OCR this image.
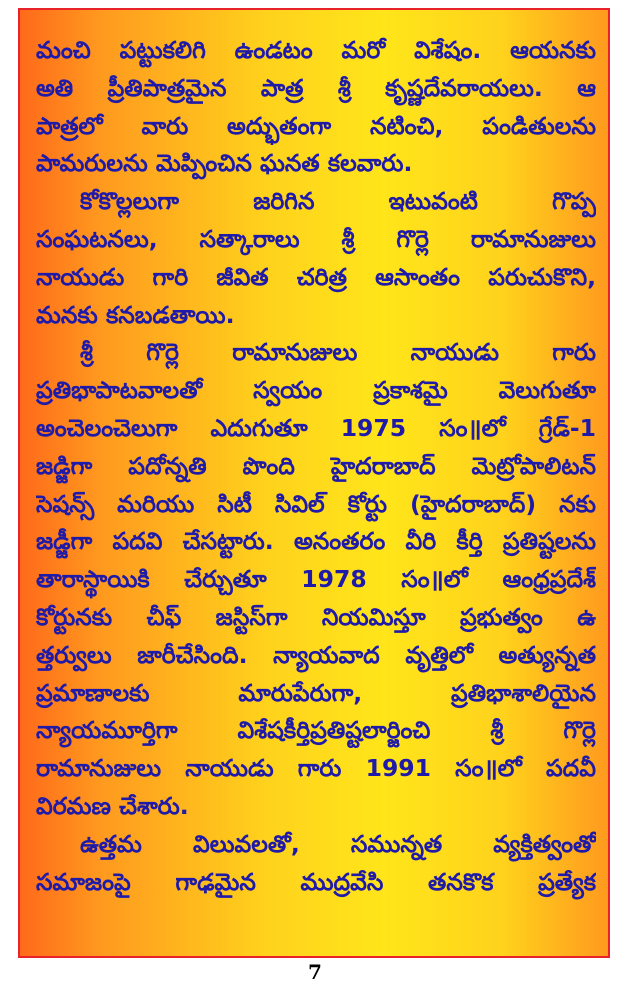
మంచి పట్టుకలిగి ఉండటం మరో విశేషం. ఆయనకు
అతి ప్రీతిపాత్రమైన పాత్ర శ్రీ కృష్ణదేవరాయలు. ఆ
పాత్రలో వారు అద్భుతంగా నటించి, పండితులను
పామరులను మెప్పించిన ఘనత కలవారు.
కోకొల్లలుగా జరిగిన ఇటువంటి గొప్ప
సంఘటనలు, సత్కారాలు శ్రీ గొర్లె రామానుజులు
నాయుడు గారి జీవిత చరిత్ర ఆసాంతం పరుచుకొని,
మనకు కనబడతాయి.
శ్రీ గొర్లె రామానుజులు నాయుడు గారు
ప్రతిభాపాటవాలతో స్వయం ప్రకాశమై వెలుగుతూ
అంచెలంచెలుగా ఎదుగుతూ 1975 సం॥లో గ్రేడ్-1
జడ్జిగా పదోన్నతి పొంది హైదరాబాద్ మెట్రోపాలిటన్
సెషన్స్ మరియు సిటీ సివిల్ కోర్టు (హైదరాబాద్) నకు
జడ్జీగా పదవి చేసట్టారు. అనంతరం వీరి కీర్తి ప్రతిష్టలను
తారాస్థాయికి చేర్చుతూ 1978 సం॥లో ఆంధ్రప్రదేశ్
కోర్టునకు చీఫ్ జస్టిస్‌గా నియమిస్తూ ప్రభుత్వం ఉ
త్తర్వులు జారీచేసింది. న్యాయవాద వృత్తిలో అత్యున్నత
ప్రమాణాలకు మారుపేరుగా, ప్రతిభాశాలియైన
న్యాయమూర్తిగా విశేషకీర్తిప్రతిష్టలార్జించి శ్రీ గొర్లె
రామానుజులు నాయుడు గారు 1991 సం॥లో పదవీ
విరమణ చేశారు.
ఉత్తమ విలువలతో, సమున్నత వ్యక్తిత్వంతో
సమాజంపై గాఢమైన ముద్రవేసి తనకొక ప్రత్యేక
7
